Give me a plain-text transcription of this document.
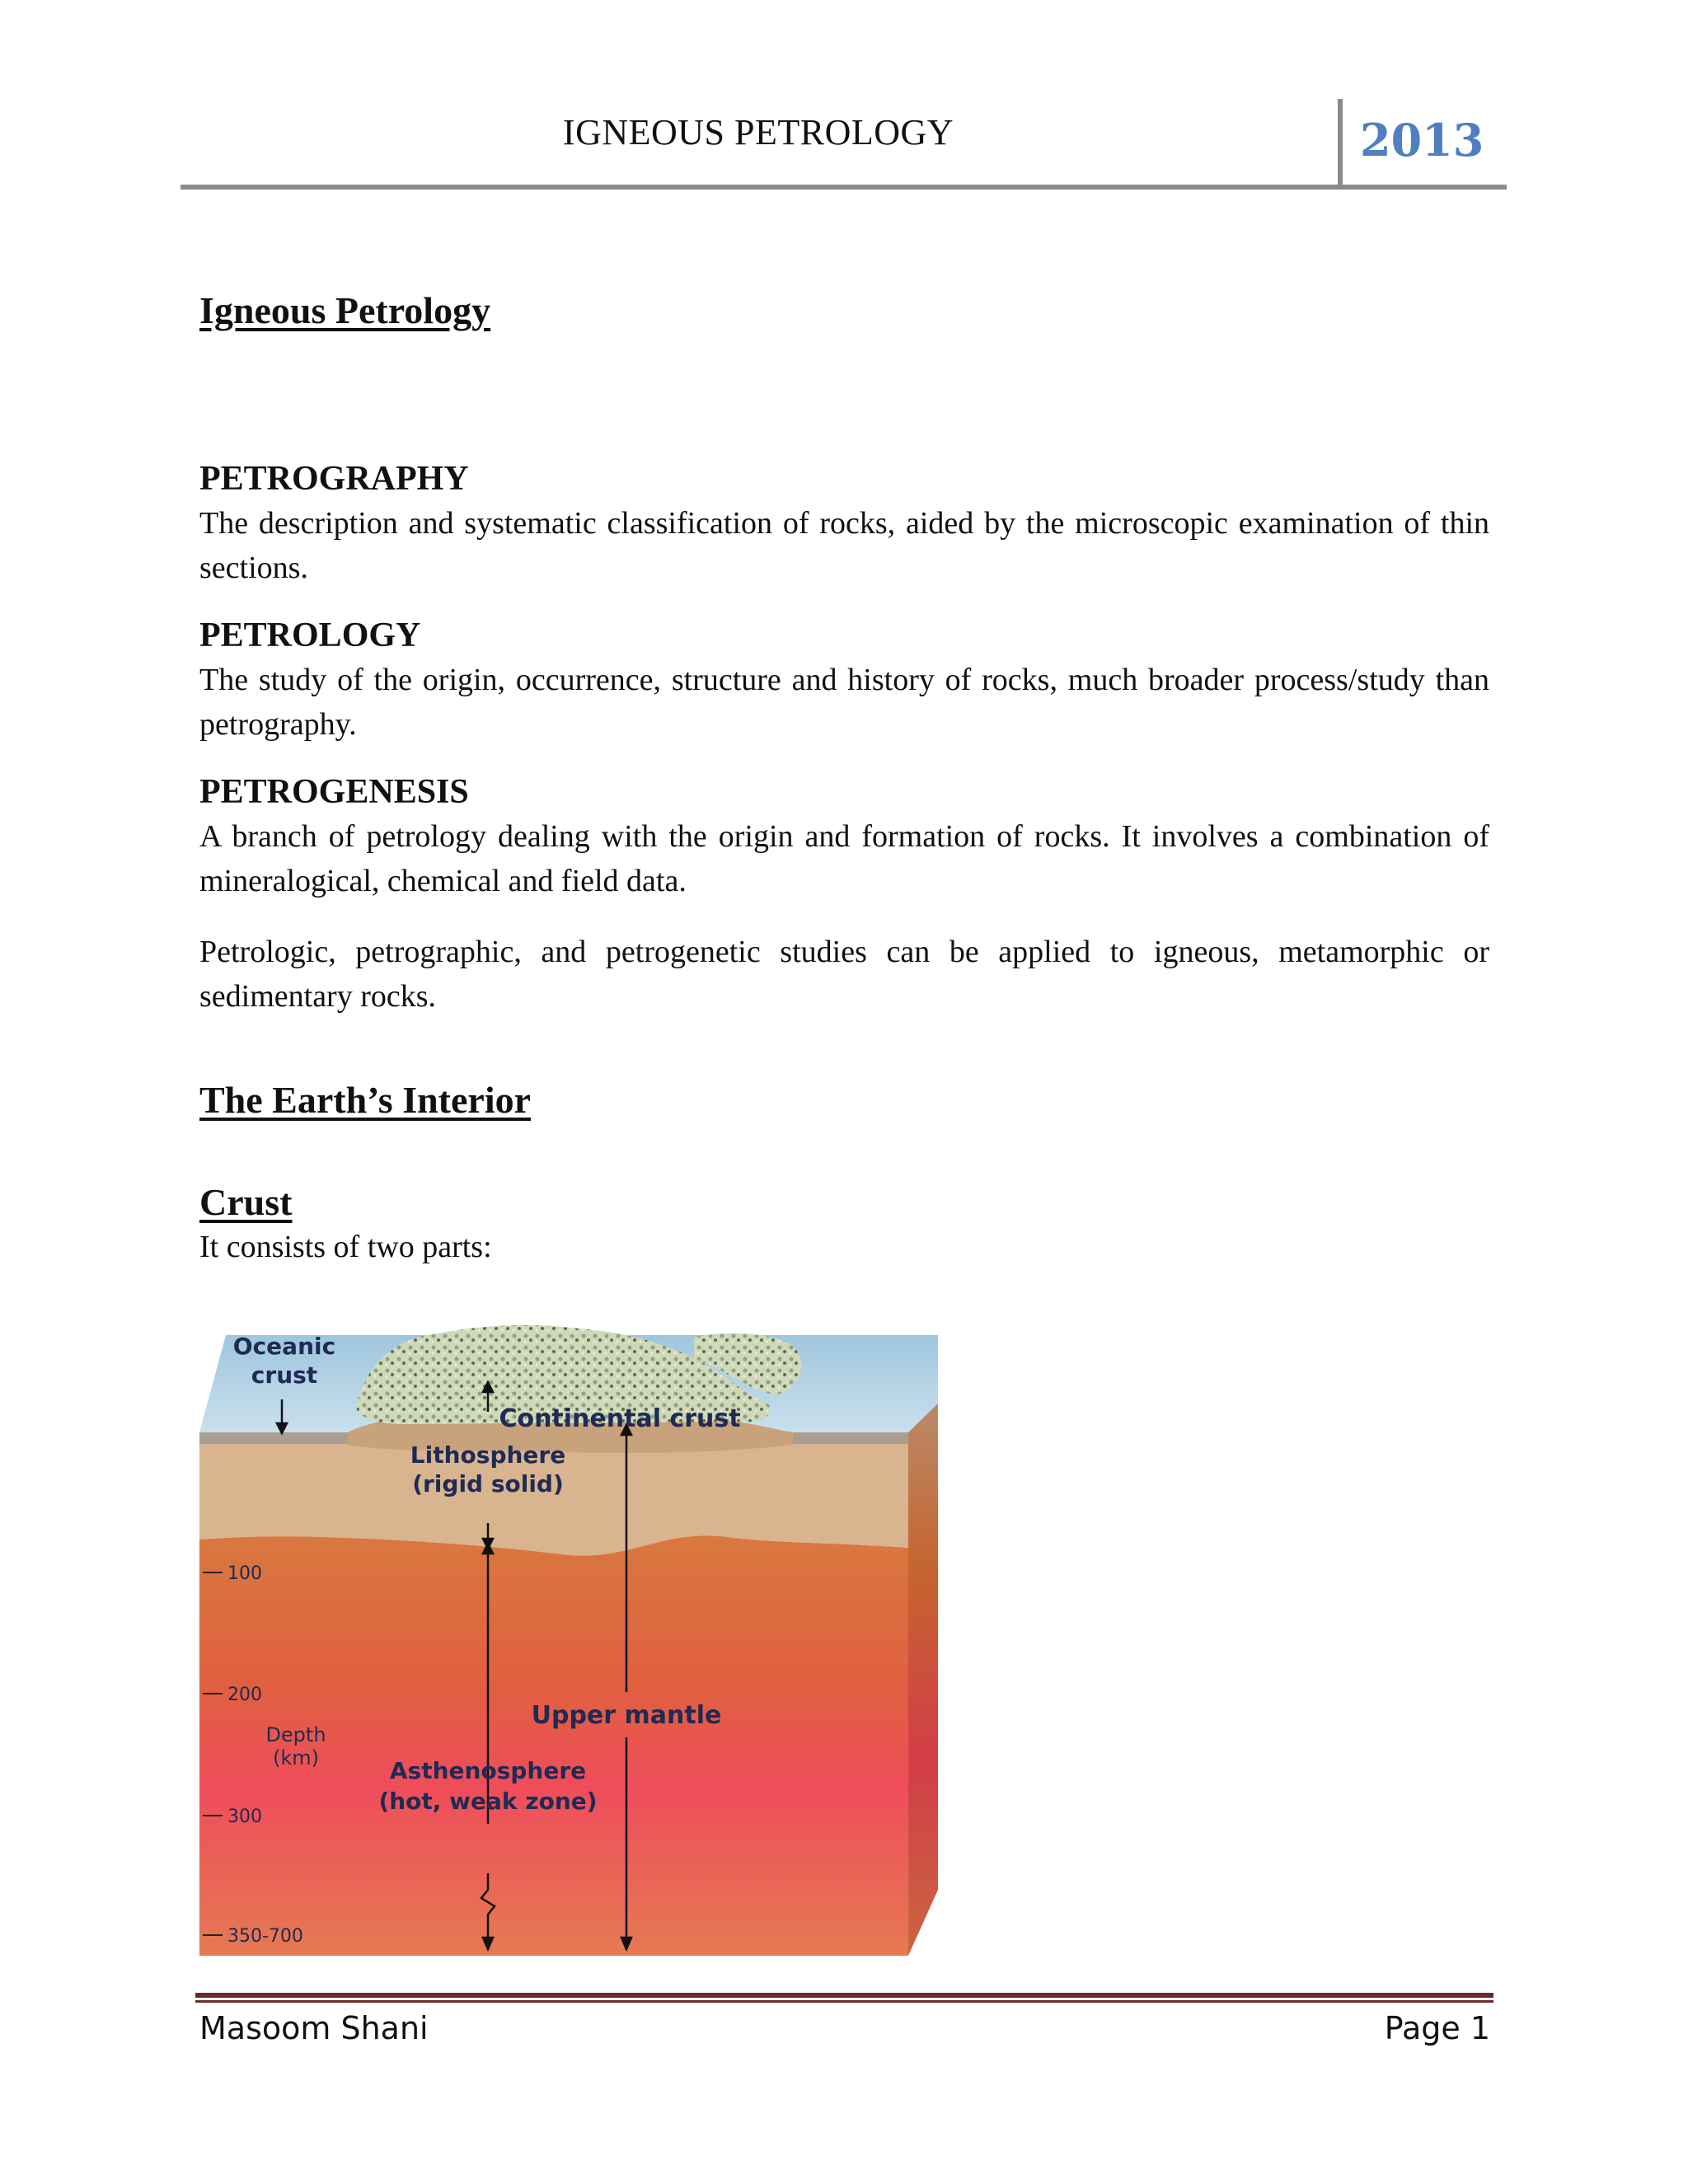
IGNEOUS PETROLOGY	2013

Igneous Petrology

PETROGRAPHY

The description and systematic classification of rocks, aided by the microscopic examination of thin sections.

PETROLOGY

The study of the origin, occurrence, structure and history of rocks, much broader process/study than petrography.

PETROGENESIS

A branch of petrology dealing with the origin and formation of rocks. It involves a combination of mineralogical, chemical and field data.

Petrologic, petrographic, and petrogenetic studies can be applied to igneous, metamorphic or sedimentary rocks.

The Earth’s Interior

Crust

It consists of two parts:

100
200
300
350-700
Oceanic
crust
Continental crust
Lithosphere
(rigid solid)
Upper mantle
Depth
(km)	Asthenosphere
(hot, weak zone)
Masoom Shani	Page 1
